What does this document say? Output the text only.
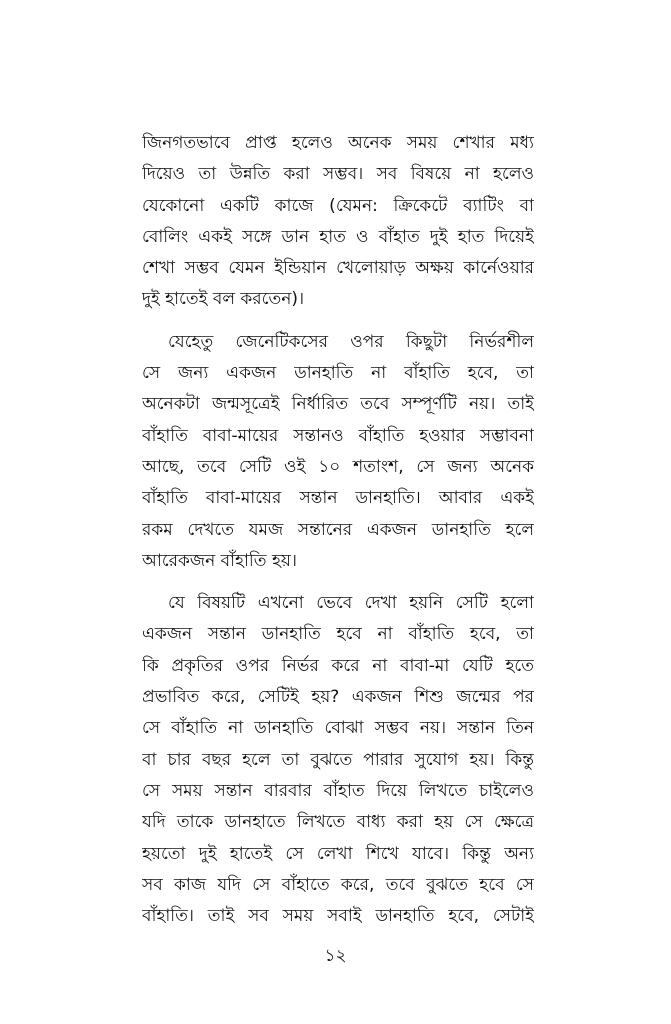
জিনগতভাবে প্রাপ্ত হলেও অনেক সময় শেখার মধ্য
দিয়েও তা উন্নতি করা সম্ভব। সব বিষয়ে না হলেও
যেকোনো একটি কাজে (যেমন: ক্রিকেটে ব্যাটিং বা
বোলিং একই সঙ্গে ডান হাত ও বাঁহাত দুই হাত দিয়েই
শেখা সম্ভব যেমন ইন্ডিয়ান খেলোয়াড় অক্ষয় কার্নেওয়ার
দুই হাতেই বল করতেন)।

যেহেতু জেনেটিকসের ওপর কিছুটা নির্ভরশীল
সে জন্য একজন ডানহাতি না বাঁহাতি হবে, তা
অনেকটা জন্মসূত্রেই নির্ধারিত তবে সম্পূর্ণটি নয়। তাই
বাঁহাতি বাবা-মায়ের সন্তানও বাঁহাতি হওয়ার সম্ভাবনা
আছে, তবে সেটি ওই ১০ শতাংশ, সে জন্য অনেক
বাঁহাতি বাবা-মায়ের সন্তান ডানহাতি। আবার একই
রকম দেখতে যমজ সন্তানের একজন ডানহাতি হলে
আরেকজন বাঁহাতি হয়।

যে বিষয়টি এখনো ভেবে দেখা হয়নি সেটি হলো
একজন সন্তান ডানহাতি হবে না বাঁহাতি হবে, তা
কি প্রকৃতির ওপর নির্ভর করে না বাবা-মা যেটি হতে
প্রভাবিত করে, সেটিই হয়? একজন শিশু জন্মের পর
সে বাঁহাতি না ডানহাতি বোঝা সম্ভব নয়। সন্তান তিন
বা চার বছর হলে তা বুঝতে পারার সুযোগ হয়। কিন্তু
সে সময় সন্তান বারবার বাঁহাত দিয়ে লিখতে চাইলেও
যদি তাকে ডানহাতে লিখতে বাধ্য করা হয় সে ক্ষেত্রে
হয়তো দুই হাতেই সে লেখা শিখে যাবে। কিন্তু অন্য
সব কাজ যদি সে বাঁহাতে করে, তবে বুঝতে হবে সে
বাঁহাতি। তাই সব সময় সবাই ডানহাতি হবে, সেটাই

১২
